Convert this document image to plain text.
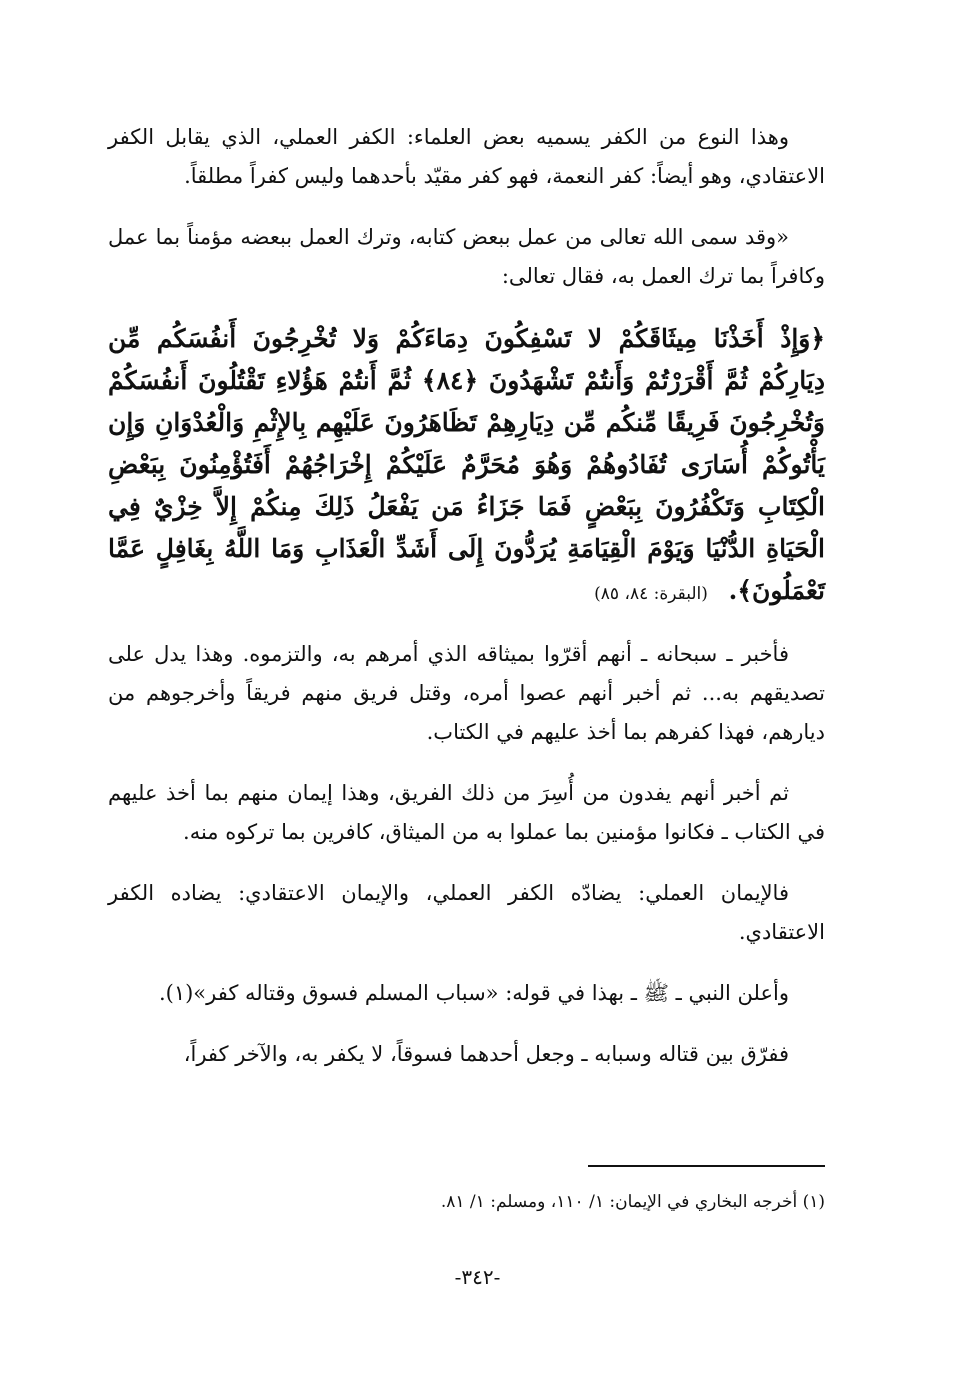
وهذا النوع من الكفر يسميه بعض العلماء: الكفر العملي، الذي يقابل الكفر الاعتقادي، وهو أيضاً: كفر النعمة، فهو كفر مقيّد بأحدهما وليس كفراً مطلقاً.

«وقد سمى الله تعالى من عمل ببعض كتابه، وترك العمل ببعضه مؤمناً بما عمل وكافراً بما ترك العمل به، فقال تعالى:

﴿وَإِذْ أَخَذْنَا مِيثَاقَكُمْ لا تَسْفِكُونَ دِمَاءَكُمْ وَلا تُخْرِجُونَ أَنفُسَكُم مِّن دِيَارِكُمْ ثُمَّ أَقْرَرْتُمْ وَأَنتُمْ تَشْهَدُونَ ﴿٨٤﴾ ثُمَّ أَنتُمْ هَؤُلاءِ تَقْتُلُونَ أَنفُسَكُمْ وَتُخْرِجُونَ فَرِيقًا مِّنكُم مِّن دِيَارِهِمْ تَظَاهَرُونَ عَلَيْهِم بِالإِثْمِ وَالْعُدْوَانِ وَإِن يَأْتُوكُمْ أُسَارَى تُفَادُوهُمْ وَهُوَ مُحَرَّمٌ عَلَيْكُمْ إِخْرَاجُهُمْ أَفَتُؤْمِنُونَ بِبَعْضِ الْكِتَابِ وَتَكْفُرُونَ بِبَعْضٍ فَمَا جَزَاءُ مَن يَفْعَلُ ذَلِكَ مِنكُمْ إِلاَّ خِزْيٌ فِي الْحَيَاةِ الدُّنْيَا وَيَوْمَ الْقِيَامَةِ يُرَدُّونَ إِلَى أَشَدِّ الْعَذَابِ وَمَا اللَّهُ بِغَافِلٍ عَمَّا تَعْمَلُونَ﴾. (البقرة: ٨٤، ٨٥)

فأخبر ـ سبحانه ـ أنهم أقرّوا بميثاقه الذي أمرهم به، والتزموه. وهذا يدل على تصديقهم به... ثم أخبر أنهم عصوا أمره، وقتل فريق منهم فريقاً وأخرجوهم من ديارهم، فهذا كفرهم بما أخذ عليهم في الكتاب.

ثم أخبر أنهم يفدون من أُسِرَ من ذلك الفريق، وهذا إيمان منهم بما أخذ عليهم في الكتاب ـ فكانوا مؤمنين بما عملوا به من الميثاق، كافرين بما تركوه منه.

فالإيمان العملي: يضادّه الكفر العملي، والإيمان الاعتقادي: يضاده الكفر الاعتقادي.

وأعلن النبي ـ ﷺ ـ بهذا في قوله: «سباب المسلم فسوق وقتاله كفر»(١).

ففرّق بين قتاله وسبابه ـ وجعل أحدهما فسوقاً، لا يكفر به، والآخر كفراً،

(١) أخرجه البخاري في الإيمان: ١/ ١١٠، ومسلم: ١/ ٨١.
-٣٤٢-
